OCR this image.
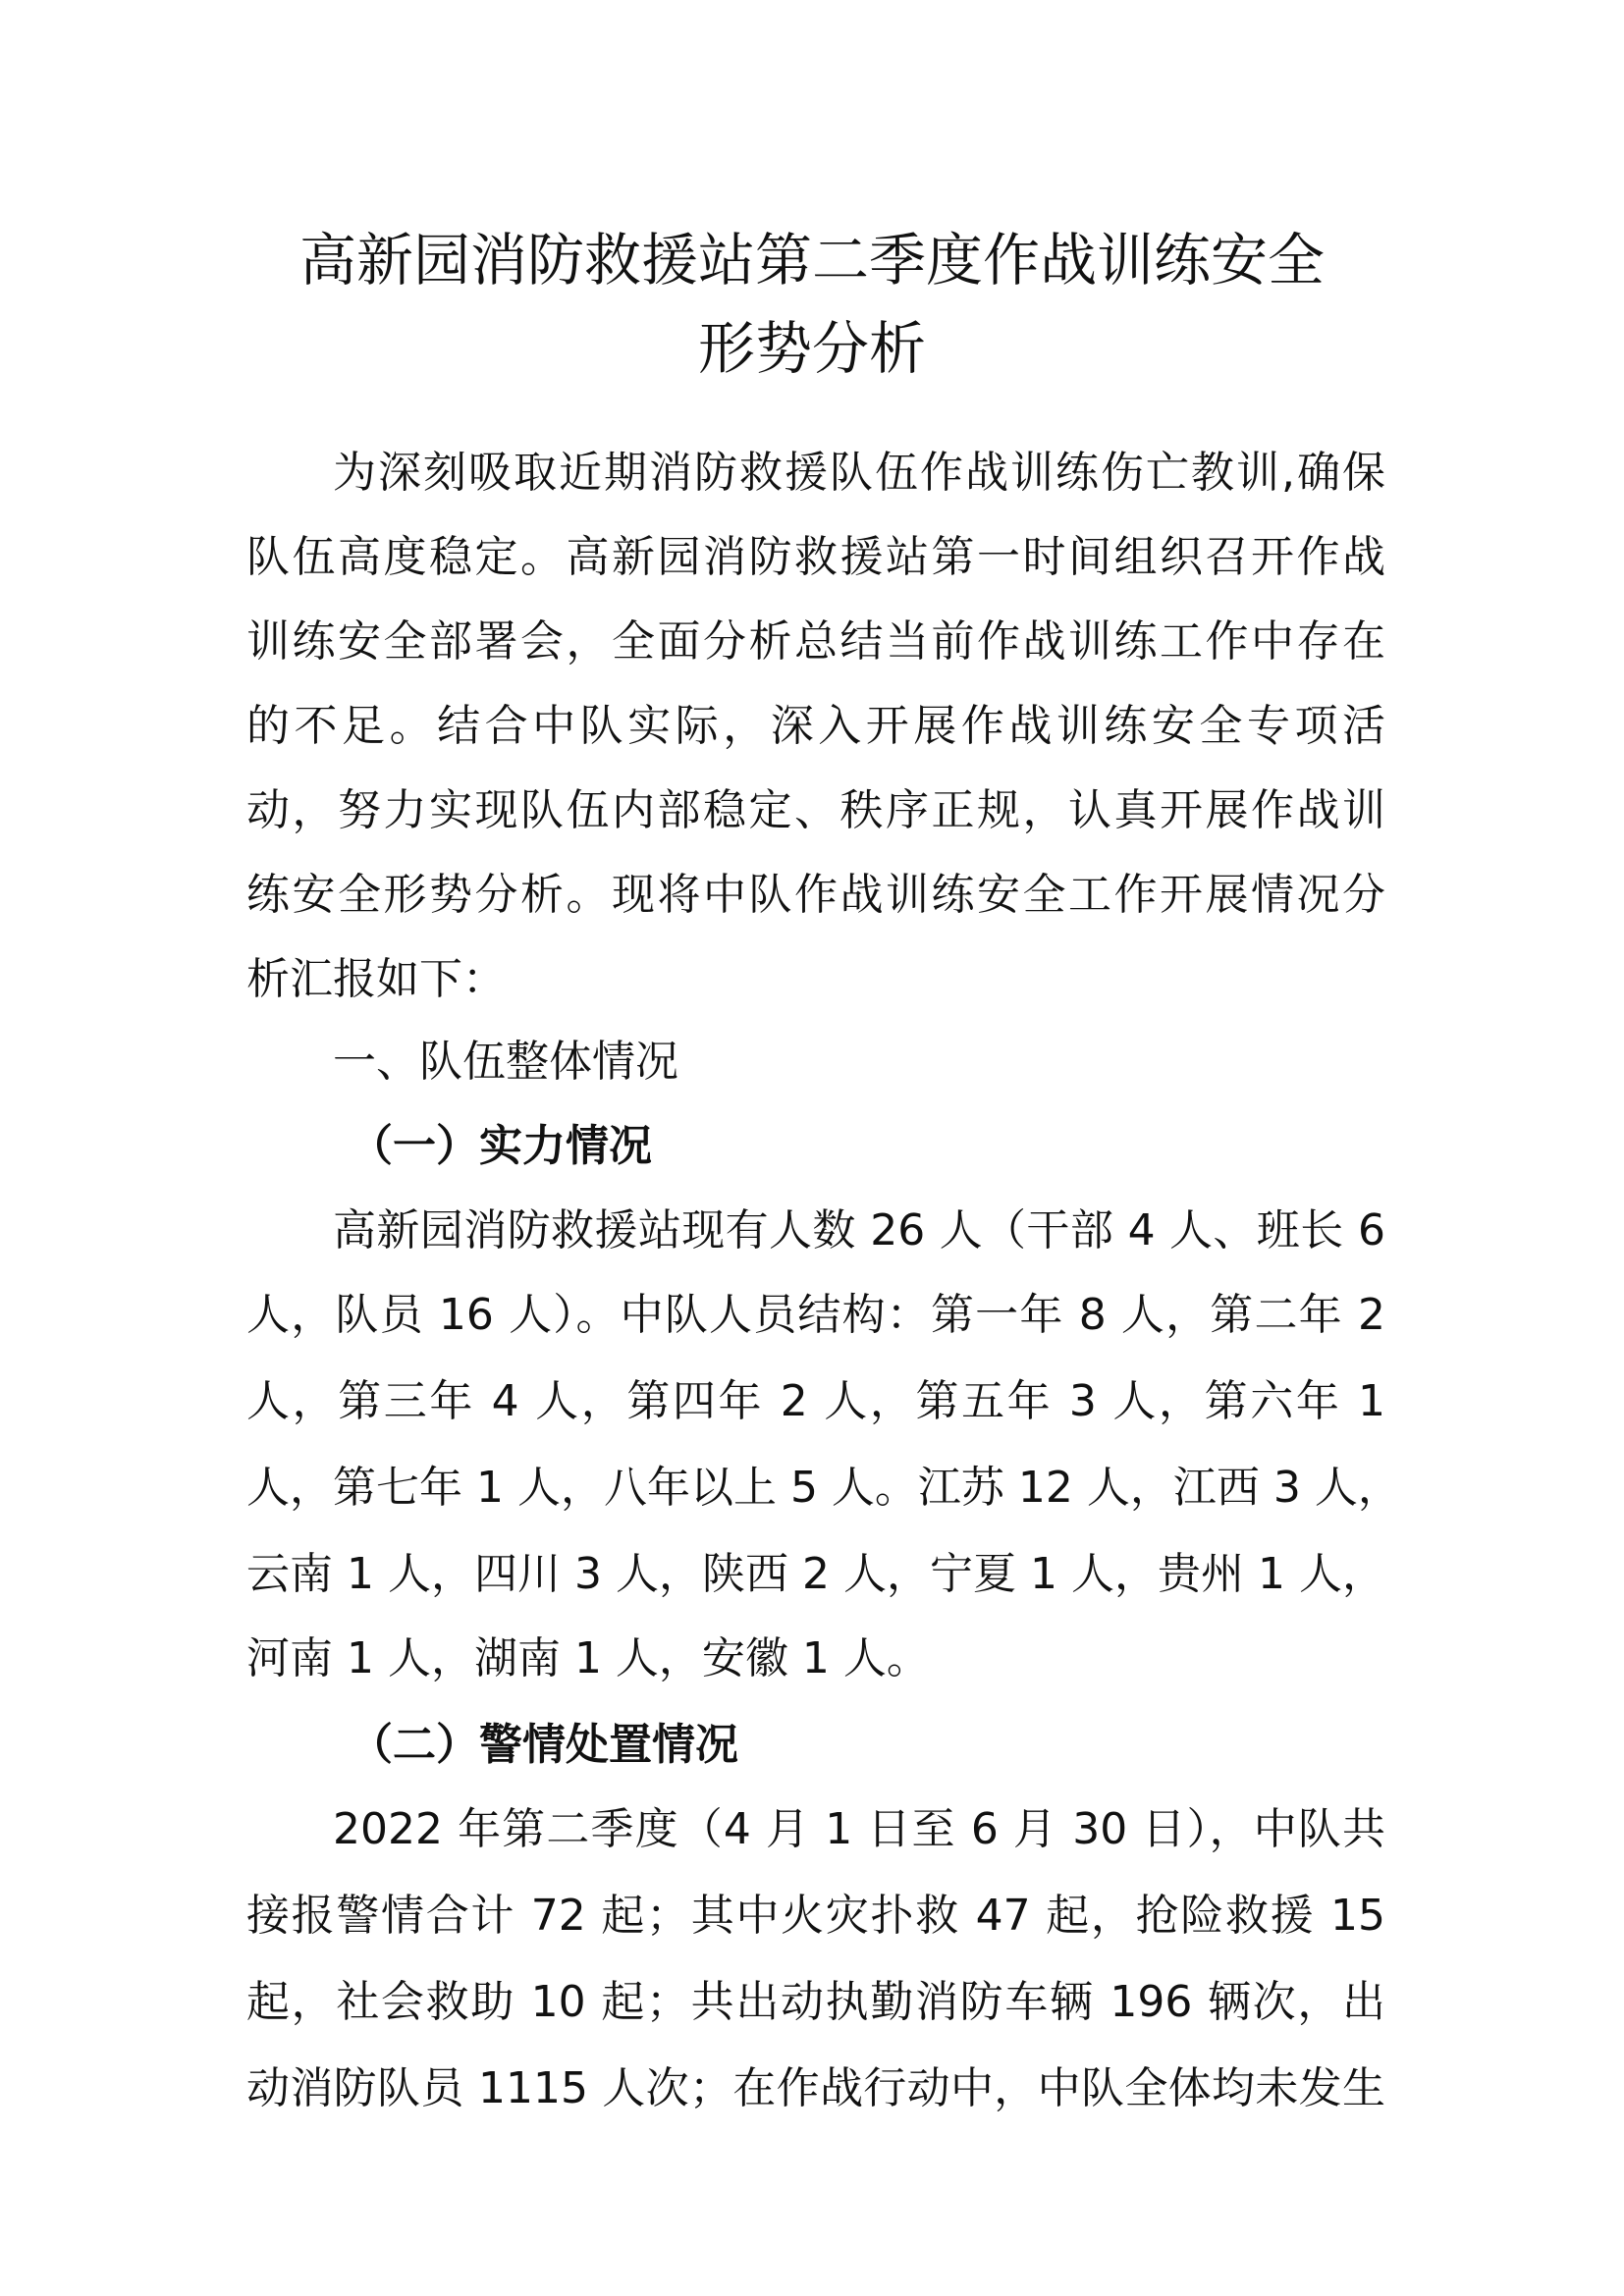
高新园消防救援站第二季度作战训练安全
形势分析
为深刻吸取近期消防救援队伍作战训练伤亡教训,确保
队伍高度稳定。高新园消防救援站第一时间组织召开作战
训练安全部署会，全面分析总结当前作战训练工作中存在
的不足。结合中队实际，深入开展作战训练安全专项活
动，努力实现队伍内部稳定、秩序正规，认真开展作战训
练安全形势分析。现将中队作战训练安全工作开展情况分
析汇报如下：
一、队伍整体情况
（一）实力情况
高新园消防救援站现有人数 26 人（干部 4 人、班长 6
人，队员 16 人）。中队人员结构：第一年 8 人，第二年 2
人，第三年 4 人，第四年 2 人，第五年 3 人，第六年 1
人，第七年 1 人，八年以上 5 人。江苏 12 人，江西 3 人，
云南 1 人，四川 3 人，陕西 2 人，宁夏 1 人，贵州 1 人，
河南 1 人，湖南 1 人，安徽 1 人。
（二）警情处置情况
2022 年第二季度（4 月 1 日至 6 月 30 日），中队共
接报警情合计 72 起；其中火灾扑救 47 起，抢险救援 15
起，社会救助 10 起；共出动执勤消防车辆 196 辆次，出
动消防队员 1115 人次；在作战行动中，中队全体均未发生
